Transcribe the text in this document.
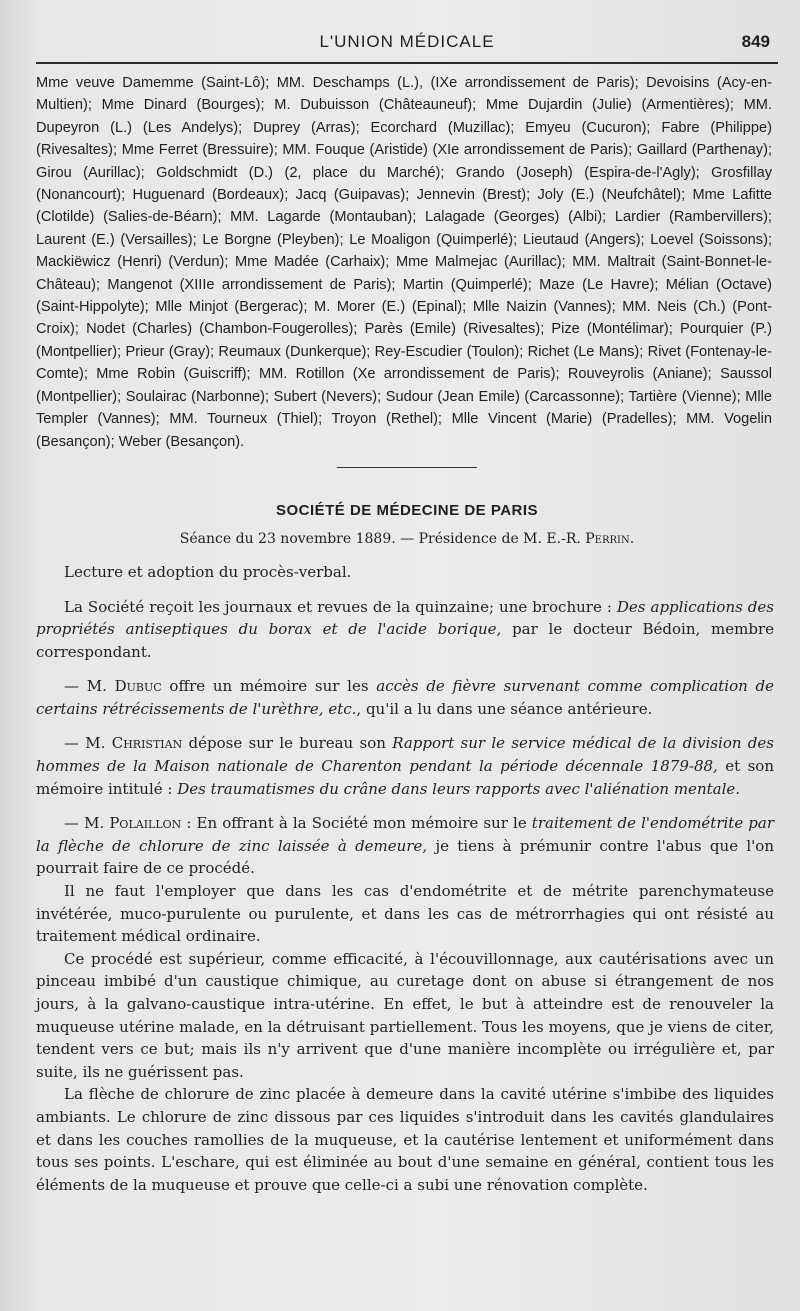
L'UNION MÉDICALE	849
Mme veuve Damemme (Saint-Lô); MM. Deschamps (L.), (IXe arrondissement de Paris); Devoisins (Acy-en-Multien); Mme Dinard (Bourges); M. Dubuisson (Châteauneuf); Mme Dujardin (Julie) (Armentières); MM. Dupeyron (L.) (Les Andelys); Duprey (Arras); Ecorchard (Muzillac); Emyeu (Cucuron); Fabre (Philippe) (Rivesaltes); Mme Ferret (Bressuire); MM. Fouque (Aristide) (XIe arrondissement de Paris); Gaillard (Parthenay); Girou (Aurillac); Goldschmidt (D.) (2, place du Marché); Grando (Joseph) (Espira-de-l'Agly); Grosfillay (Nonancourt); Huguenard (Bordeaux); Jacq (Guipavas); Jennevin (Brest); Joly (E.) (Neufchâtel); Mme Lafitte (Clotilde) (Salies-de-Béarn); MM. Lagarde (Montauban); Lalagade (Georges) (Albi); Lardier (Rambervillers); Laurent (E.) (Versailles); Le Borgne (Pleyben); Le Moaligon (Quimperlé); Lieutaud (Angers); Loevel (Soissons); Mackiëwicz (Henri) (Verdun); Mme Madée (Carhaix); Mme Malmejac (Aurillac); MM. Maltrait (Saint-Bonnet-le-Château); Mangenot (XIIIe arrondissement de Paris); Martin (Quimperlé); Maze (Le Havre); Mélian (Octave) (Saint-Hippolyte); Mlle Minjot (Bergerac); M. Morer (E.) (Epinal); Mlle Naizin (Vannes); MM. Neis (Ch.) (Pont-Croix); Nodet (Charles) (Chambon-Fougerolles); Parès (Emile) (Rivesaltes); Pize (Montélimar); Pourquier (P.) (Montpellier); Prieur (Gray); Reumaux (Dunkerque); Rey-Escudier (Toulon); Richet (Le Mans); Rivet (Fontenay-le-Comte); Mme Robin (Guiscriff); MM. Rotillon (Xe arrondissement de Paris); Rouveyrolis (Aniane); Saussol (Montpellier); Soulairac (Narbonne); Subert (Nevers); Sudour (Jean Emile) (Carcassonne); Tartière (Vienne); Mlle Templer (Vannes); MM. Tourneux (Thiel); Troyon (Rethel); Mlle Vincent (Marie) (Pradelles); MM. Vogelin (Besançon); Weber (Besançon).
SOCIÉTÉ DE MÉDECINE DE PARIS
Séance du 23 novembre 1889. — Présidence de M. E.-R. Perrin.

Lecture et adoption du procès-verbal.

La Société reçoit les journaux et revues de la quinzaine; une brochure : Des applications des propriétés antiseptiques du borax et de l'acide borique, par le docteur Bédoin, membre correspondant.

— M. Dubuc offre un mémoire sur les accès de fièvre survenant comme complication de certains rétrécissements de l'urèthre, etc., qu'il a lu dans une séance antérieure.

— M. Christian dépose sur le bureau son Rapport sur le service médical de la division des hommes de la Maison nationale de Charenton pendant la période décennale 1879-88, et son mémoire intitulé : Des traumatismes du crâne dans leurs rapports avec l'aliénation mentale.

— M. Polaillon : En offrant à la Société mon mémoire sur le traitement de l'endométrite par la flèche de chlorure de zinc laissée à demeure, je tiens à prémunir contre l'abus que l'on pourrait faire de ce procédé.

Il ne faut l'employer que dans les cas d'endométrite et de métrite parenchymateuse invétérée, muco-purulente ou purulente, et dans les cas de métrorrhagies qui ont résisté au traitement médical ordinaire.

Ce procédé est supérieur, comme efficacité, à l'écouvillonnage, aux cautérisations avec un pinceau imbibé d'un caustique chimique, au curetage dont on abuse si étrangement de nos jours, à la galvano-caustique intra-utérine. En effet, le but à atteindre est de renouveler la muqueuse utérine malade, en la détruisant partiellement. Tous les moyens, que je viens de citer, tendent vers ce but; mais ils n'y arrivent que d'une manière incomplète ou irrégulière et, par suite, ils ne guérissent pas.

La flèche de chlorure de zinc placée à demeure dans la cavité utérine s'imbibe des liquides ambiants. Le chlorure de zinc dissous par ces liquides s'introduit dans les cavités glandulaires et dans les couches ramollies de la muqueuse, et la cautérise lentement et uniformément dans tous ses points. L'eschare, qui est éliminée au bout d'une semaine en général, contient tous les éléments de la muqueuse et prouve que celle-ci a subi une rénovation complète.
